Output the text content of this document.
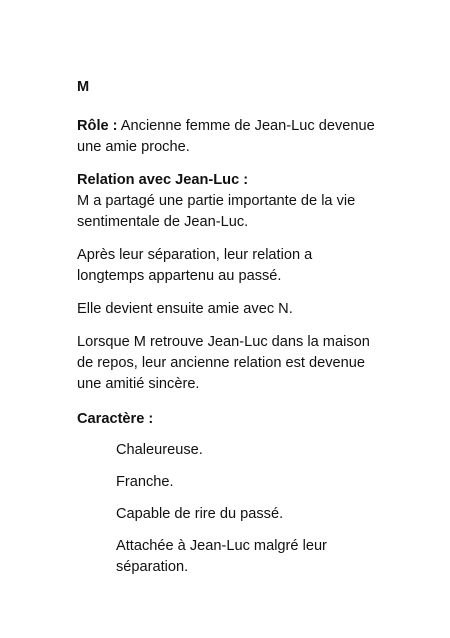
M

Rôle : Ancienne femme de Jean-Luc devenue une amie proche.

Relation avec Jean-Luc :
M a partagé une partie importante de la vie sentimentale de Jean-Luc.

Après leur séparation, leur relation a longtemps appartenu au passé.

Elle devient ensuite amie avec N.

Lorsque M retrouve Jean-Luc dans la maison de repos, leur ancienne relation est devenue une amitié sincère.

Caractère :
Chaleureuse.
Franche.
Capable de rire du passé.
Attachée à Jean-Luc malgré leur séparation.
